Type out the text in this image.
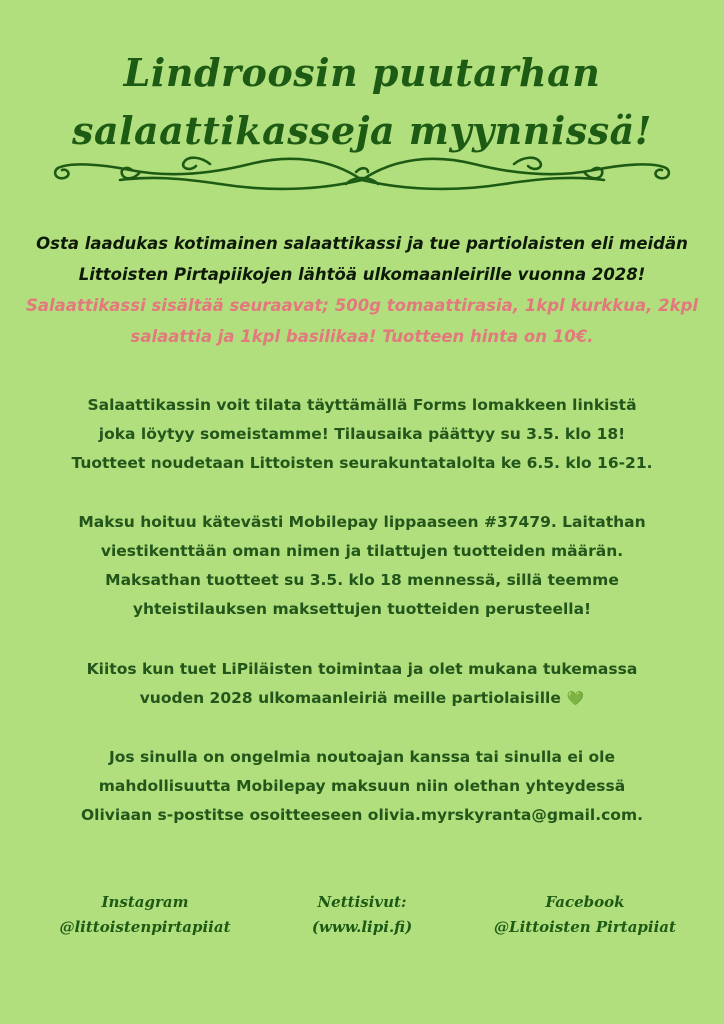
Lindroosin puutarhan
salaattikasseja myynnissä!
Osta laadukas kotimainen salaattikassi ja tue partiolaisten eli meidän Littoisten Pirtapiikojen lähtöä ulkomaanleirille vuonna 2028! Salaattikassi sisältää seuraavat; 500g tomaattirasia, 1kpl kurkkua, 2kpl salaattia ja 1kpl basilikaa! Tuotteen hinta on 10€.
Salaattikassin voit tilata täyttämällä Forms lomakkeen linkistä
joka löytyy someistamme! Tilausaika päättyy su 3.5. klo 18!
Tuotteet noudetaan Littoisten seurakuntatalolta ke 6.5. klo 16-21.
Maksu hoituu kätevästi Mobilepay lippaaseen #37479. Laitathan
viestikenttään oman nimen ja tilattujen tuotteiden määrän.
Maksathan tuotteet su 3.5. klo 18 mennessä, sillä teemme
yhteistilauksen maksettujen tuotteiden perusteella!
Kiitos kun tuet LiPiläisten toimintaa ja olet mukana tukemassa
vuoden 2028 ulkomaanleiriä meille partiolaisille 💚
Jos sinulla on ongelmia noutoajan kanssa tai sinulla ei ole
mahdollisuutta Mobilepay maksuun niin olethan yhteydessä
Oliviaan s-postitse osoitteeseen olivia.myrskyranta@gmail.com.
Instagram
@littoistenpirtapiiat
Nettisivut:
(www.lipi.fi)
Facebook
@Littoisten Pirtapiiat
